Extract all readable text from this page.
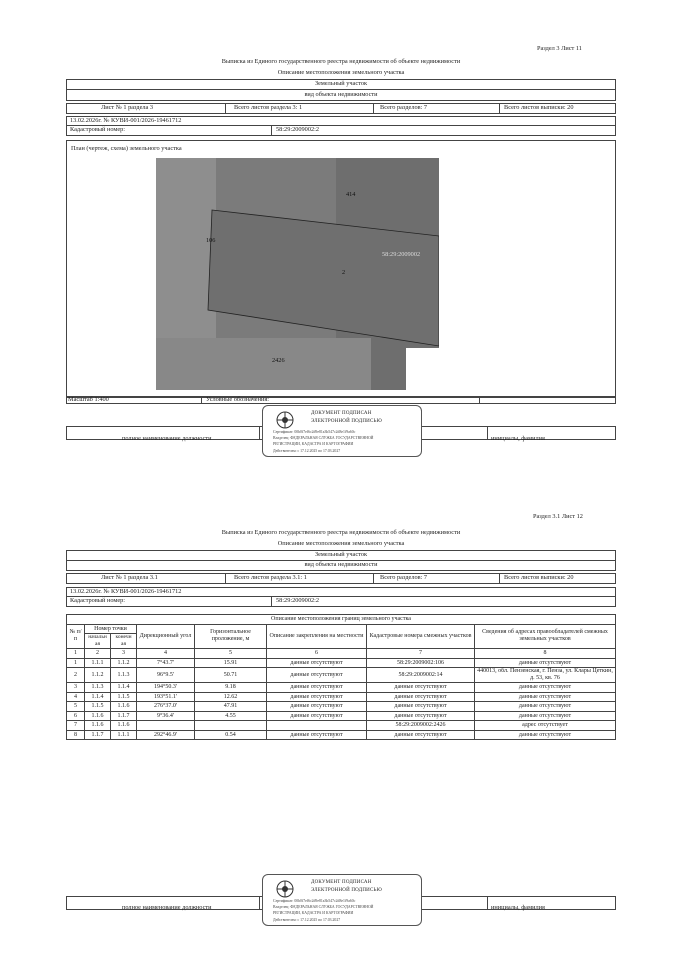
Раздел 3 Лист 11
Выписка из Единого государственного реестра недвижимости об объекте недвижимости
Описание местоположения земельного участка
Земельный участок
вид объекта недвижимости
Лист № 1 раздела 3	Всего листов раздела 3: 1	Всего разделов: 7	Всего листов выписки: 20
13.02.2026г. № КУВИ-001/2026-19461712
Кадастровый номер:	58:29:2009002:2
План (чертеж, схема) земельного участка
414
106
2
58:29:2009002
2426
Масштаб 1:400	Условные обозначения:
полное наименование должности	инициалы, фамилия
ДОКУМЕНТ ПОДПИСАН
ЭЛЕКТРОННОЙ ПОДПИСЬЮ
Сертификат: 00b0f7ef6c2d9e81a3b547c2d8e1f9a60c
Владелец: ФЕДЕРАЛЬНАЯ СЛУЖБА ГОСУДАРСТВЕННОЙ
РЕГИСТРАЦИИ, КАДАСТРА И КАРТОГРАФИИ
Действителен: с 17.12.2025 по 17.03.2027
Раздел 3.1 Лист 12
Выписка из Единого государственного реестра недвижимости об объекте недвижимости
Описание местоположения земельного участка
Земельный участок
вид объекта недвижимости
Лист № 1 раздела 3.1	Всего листов раздела 3.1: 1	Всего разделов: 7	Всего листов выписки: 20
13.02.2026г. № КУВИ-001/2026-19461712
Кадастровый номер:	58:29:2009002:2
Описание местоположения границ земельного участка							
№ п/п	Номер точки		Дирекционный угол	Горизонтальное проложение, м	Описание закрепления на местности	Кадастровые номера смежных участков	Сведения об адресах правообладателей смежных земельных участков
	начальн ая	конечн ая					
1	2	3	4	5	6	7	8
1	1.1.1	1.1.2	7°43.7'	15.91	данные отсутствуют	58:29:2009002:106	данные отсутствуют
2	1.1.2	1.1.3	96°9.5'	50.71	данные отсутствуют	58:29:2009002:14	440013, обл. Пензенская, г. Пенза, ул. Клары Цеткин, д. 53, кв. 76
3	1.1.3	1.1.4	194°50.3'	9.18	данные отсутствуют	данные отсутствуют	данные отсутствуют
4	1.1.4	1.1.5	193°51.1'	12.62	данные отсутствуют	данные отсутствуют	данные отсутствуют
5	1.1.5	1.1.6	276°37.0'	47.91	данные отсутствуют	данные отсутствуют	данные отсутствуют
6	1.1.6	1.1.7	9°36.4'	4.55	данные отсутствуют	данные отсутствуют	данные отсутствуют
7	1.1.6	1.1.6				58:29:2009002:2426	адрес отсутствует
8	1.1.7	1.1.1	292°46.9'	0.54	данные отсутствуют	данные отсутствуют	данные отсутствуют
полное наименование должности	инициалы, фамилия
ДОКУМЕНТ ПОДПИСАН
ЭЛЕКТРОННОЙ ПОДПИСЬЮ
Сертификат: 00b0f7ef6c2d9e81a3b547c2d8e1f9a60c
Владелец: ФЕДЕРАЛЬНАЯ СЛУЖБА ГОСУДАРСТВЕННОЙ
РЕГИСТРАЦИИ, КАДАСТРА И КАРТОГРАФИИ
Действителен: с 17.12.2025 по 17.03.2027
